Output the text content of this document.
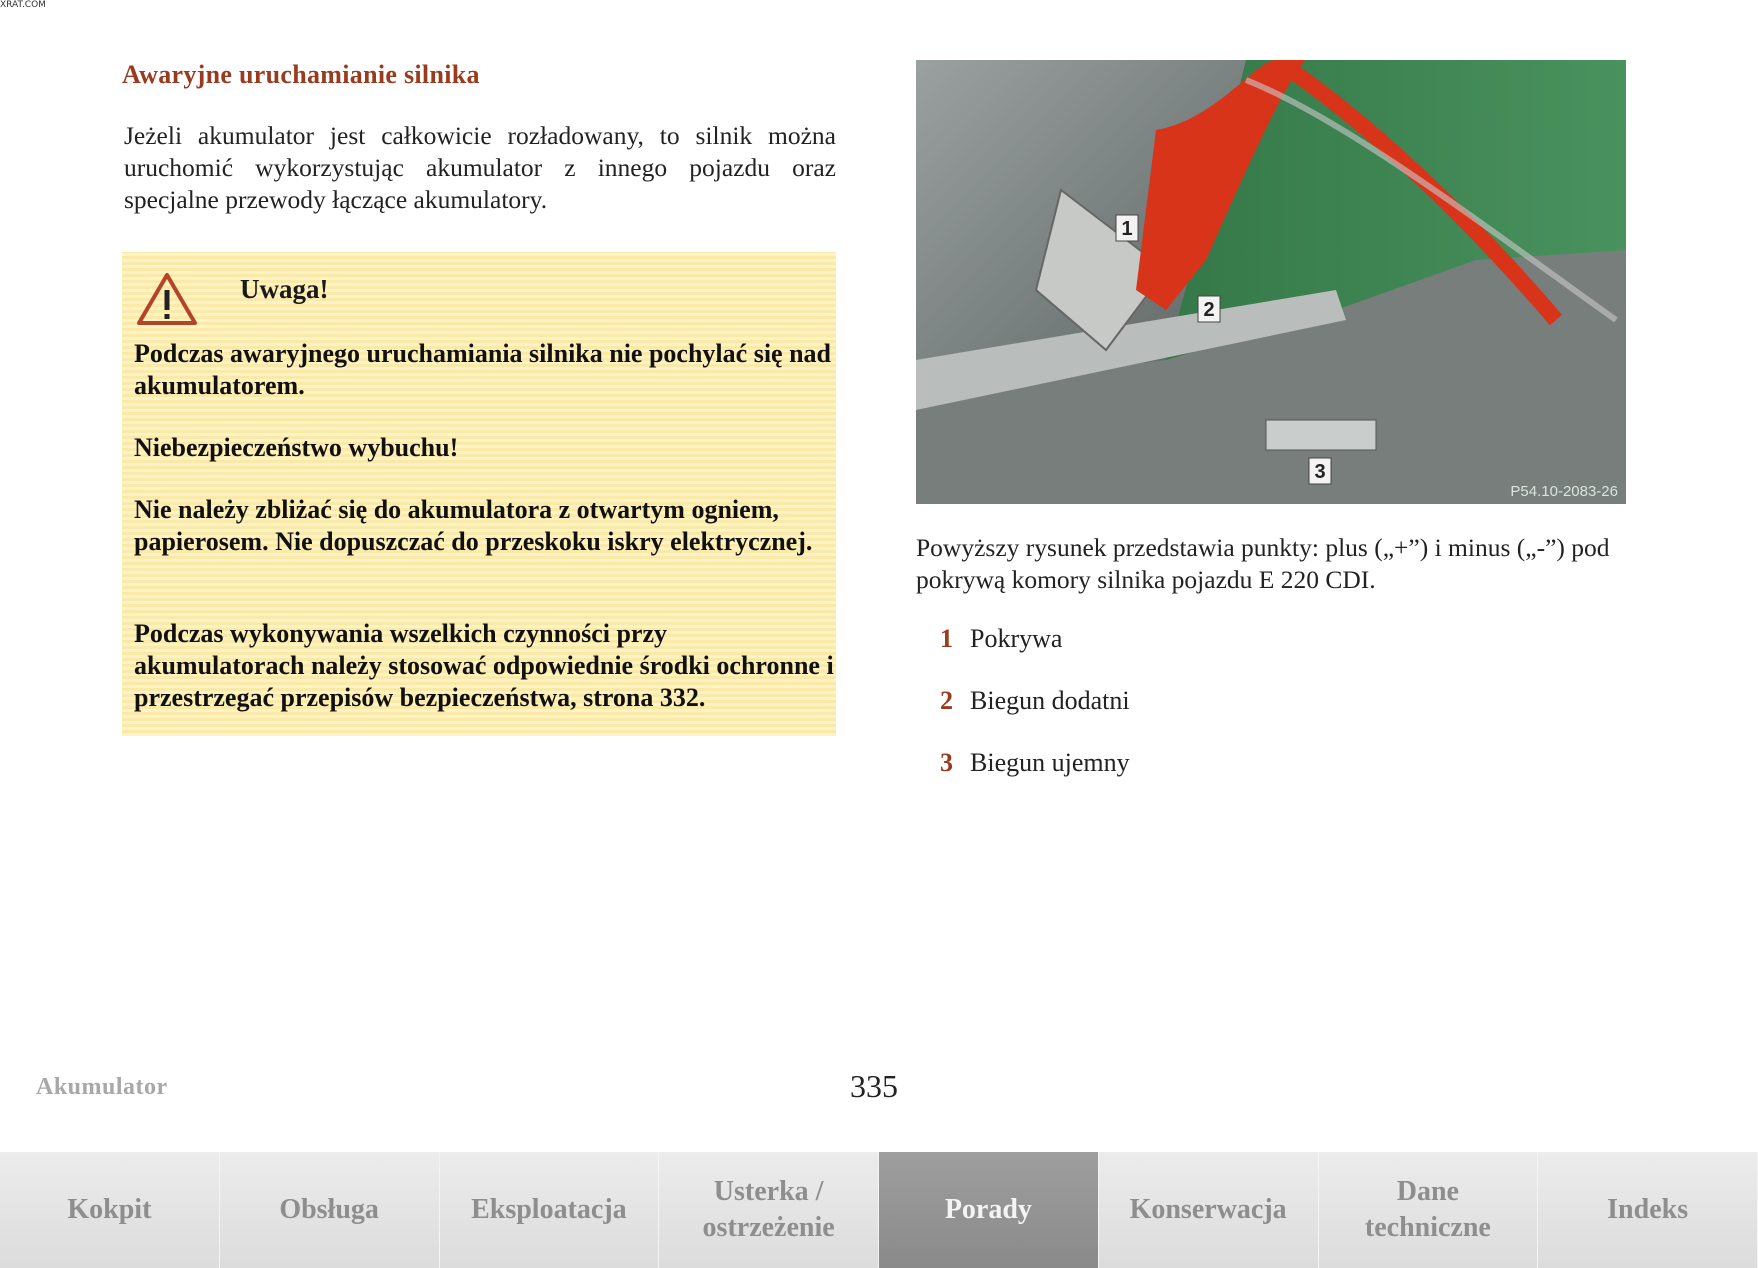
XRAT.COM
Awaryjne uruchamianie silnika
Jeżeli akumulator jest całkowicie rozładowany, to silnik można uruchomić wykorzystując akumulator z innego pojazdu oraz specjalne przewody łączące akumulatory.
Uwaga!
Podczas awaryjnego uruchamiania silnika nie pochylać się nad akumulatorem.
Niebezpieczeństwo wybuchu!
Nie należy zbliżać się do akumulatora z otwartym ogniem, papierosem. Nie dopuszczać do przeskoku iskry elektrycznej.
Podczas wykonywania wszelkich czynności przy akumulatorach należy stosować odpowiednie środki ochronne i przestrzegać przepisów bezpieczeństwa, strona 332.
1
2
3
P54.10-2083-26
Powyższy rysunek przedstawia punkty: plus („+”) i minus („-”) pod pokrywą komory silnika pojazdu E 220 CDI.
1 Pokrywa
2 Biegun dodatni
3 Biegun ujemny
Akumulator	335
Kokpit	Obsługa	Eksploatacja
Usterka /
ostrzeżenie
Porady	Konserwacja
Dane
techniczne
Indeks
